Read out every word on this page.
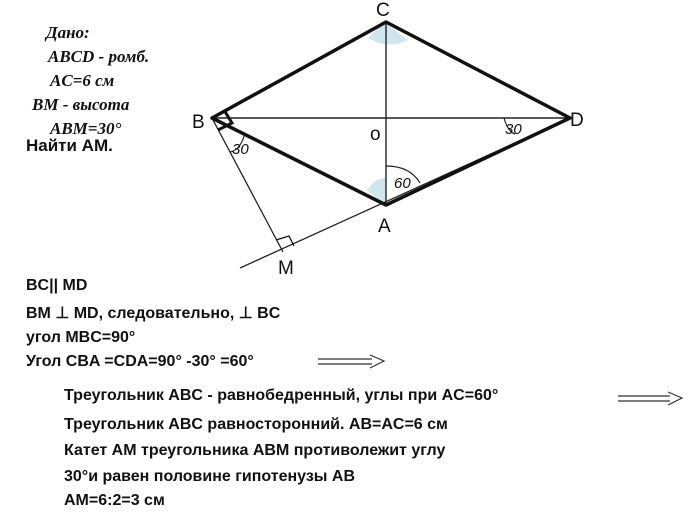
Дано:
ABCD - ромб.
AC=6 см
BM - высота
ABM=30°
Найти AM.
C
B	D
o
A
M
30
30
60
BC|| MD
BM ⊥ MD, следовательно, ⊥ BC
угол MBC=90°
Угол CBA =CDA=90° -30° =60°
Треугольник ABC - равнобедренный, углы при AC=60°
Треугольник ABC равносторонний. AB=AC=6 см
Катет AM треугольника ABM противолежит углу
30°и равен половине гипотенузы AB
AM=6:2=3 см
